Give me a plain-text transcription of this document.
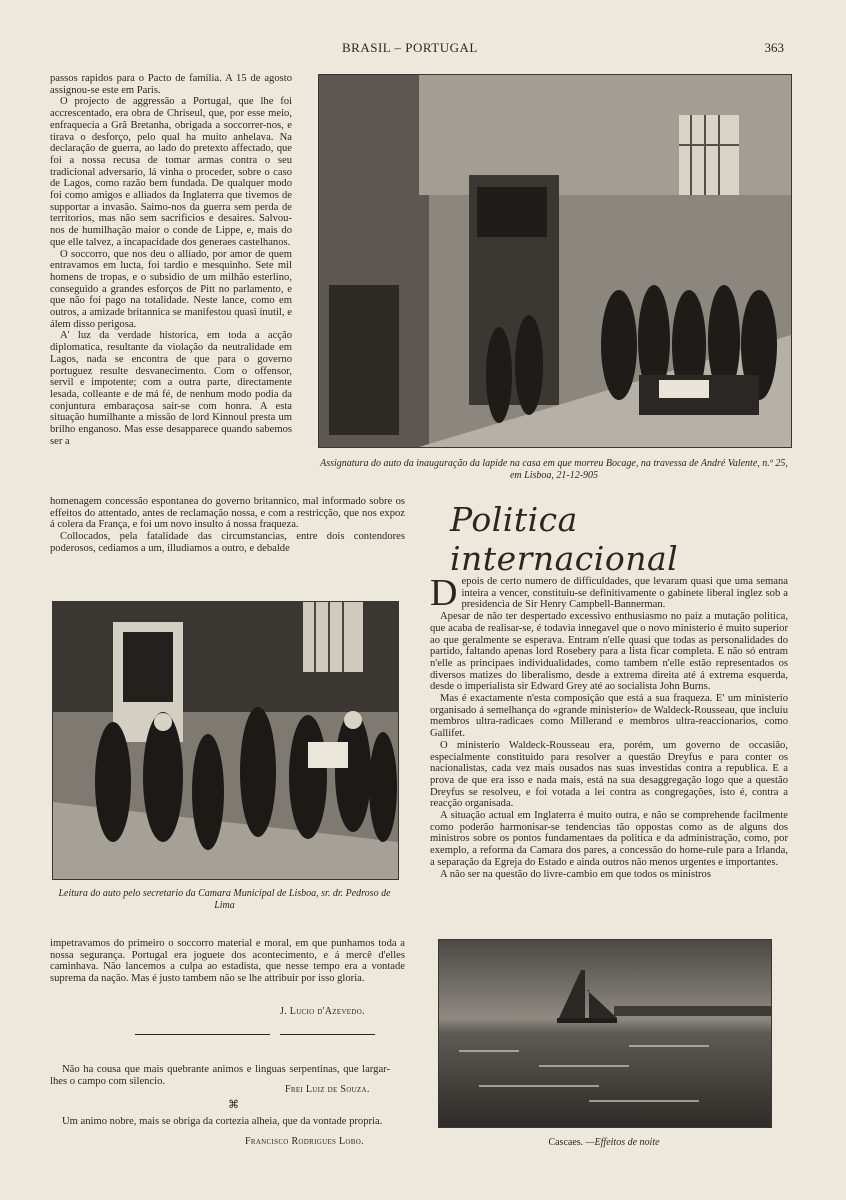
BRASIL – PORTUGAL	363

passos rapidos para o Pacto de familia. A 15 de agosto assignou-se este em Paris.

O projecto de aggressão a Portugal, que lhe foi accrescentado, era obra de Chriseul, que, por esse meio, enfraquecia a Grã Bretanha, obrigada a soccorrer-nos, e tirava o desforço, pelo qual ha muito anhelava. Na declaração de guerra, ao lado do pretexto affectado, que foi a nossa recusa de tomar armas contra o seu tradicional adversario, lá vinha o proceder, sobre o caso de Lagos, como razão bem fundada. De qualquer modo foi como amigos e alliados da Inglaterra que tivemos de supportar a invasão. Saimo-nos da guerra sem perda de territorios, mas não sem sacrificios e desaires. Salvou-nos de humilhação maior o conde de Lippe, e, mais do que elle talvez, a incapacidade dos generaes castelhanos.

O soccorro, que nos deu o alliado, por amor de quem entravamos em lucta, foi tardio e mesquinho. Sete mil homens de tropas, e o subsidio de um milhão esterlino, conseguido a grandes esforços de Pitt no parlamento, e que não foi pago na totalidade. Neste lance, como em outros, a amizade britannica se manifestou quasi inutil, e álem disso perigosa.

A' luz da verdade historica, em toda a acção diplomatica, resultante da violação da neutralidade em Lagos, nada se encontra de que para o governo portuguez resulte desvanecimento. Com o offensor, servil e impotente; com a outra parte, directamente lesada, colleante e de má fé, de nenhum modo podia da conjuntura embaraçosa sair-se com honra. A esta situação humilhante a missão de lord Kinnoul presta um brilho enganoso. Mas esse desapparece quando sabemos ser a

Assignatura do auto da inauguração da lapide na casa em que morreu Bocage, na travessa de André Valente, n.º 25, em Lisboa, 21-12-905

homenagem concessão espontanea do governo britannico, mal informado sobre os effeitos do attentado, antes de reclamação nossa, e com a restricção, que nos expoz á colera da França, e foi um novo insulto á nossa fraqueza.

Collocados, pela fatalidade das circumstancias, entre dois contendores poderosos, cediamos a um, illudiamos a outro, e debalde

Politica internacional

Depois de certo numero de difficuldades, que levaram quasi que uma semana inteira a vencer, constituiu-se definitivamente o gabinete liberal inglez sob a presidencia de Sir Henry Campbell-Bannerman.

Apesar de não ter despertado excessivo enthusiasmo no paiz a mutação politica, que acaba de realisar-se, é todavia innegavel que o novo ministerio é muito superior ao que geralmente se esperava. Entram n'elle quasi que todas as personalidades do partido, faltando apenas lord Rosebery para a lista ficar completa. E não só entram n'elle as principaes individualidades, como tambem n'elle estão representados os diversos matizes do liberalismo, desde a extrema direita até á extrema esquerda, desde o imperialista sir Edward Grey até ao socialista John Burns.

Mas é exactamente n'esta composição que está a sua fraqueza. E' um ministerio organisado á semelhança do «grande ministerio» de Waldeck-Rousseau, que incluiu membros ultra-radicaes como Millerand e membros ultra-reaccionarios, como Gallifet.

O ministerio Waldeck-Rousseau era, porém, um governo de occasião, especialmente constituido para resolver a questão Dreyfus e para conter os nacionalistas, cada vez mais ousados nas suas investidas contra a republica. E a prova de que era isso e nada mais, está na sua desaggregação logo que a questão Dreyfus se resolveu, e foi votada a lei contra as congregações, isto é, contra a reacção organisada.

A situação actual em Inglaterra é muito outra, e não se comprehende facilmente como poderão harmonisar-se tendencias tão oppostas como as de alguns dos ministros sobre os pontos fundamentaes da politica e da administração, como, por exemplo, a reforma da Camara dos pares, a concessão do home-rule para a Irlanda, a separação da Egreja do Estado e ainda outros não menos urgentes e importantes.

A não ser na questão do livre-cambio em que todos os ministros

Leitura do auto pelo secretario da Camara Municipal de Lisboa, sr. dr. Pedroso de Lima

impetravamos do primeiro o soccorro material e moral, em que punhamos toda a nossa segurança. Portugal era joguete dos acontecimento, e á mercê d'elles caminhava. Não lancemos a culpa ao estadista, que nesse tempo era a vontade suprema da nação. Mas é justo tambem não se lhe attribuir por isso gloria.

J. Lucio d'Azevedo.
Não ha cousa que mais quebrante animos e linguas serpentinas, que largar-lhes o campo com silencio.
Frei Luiz de Souza.
⌘
Um animo nobre, mais se obriga da cortezia alheia, que da vontade propria.
Francisco Rodrigues Lobo.	Cascaes. —Effeitos de noite
